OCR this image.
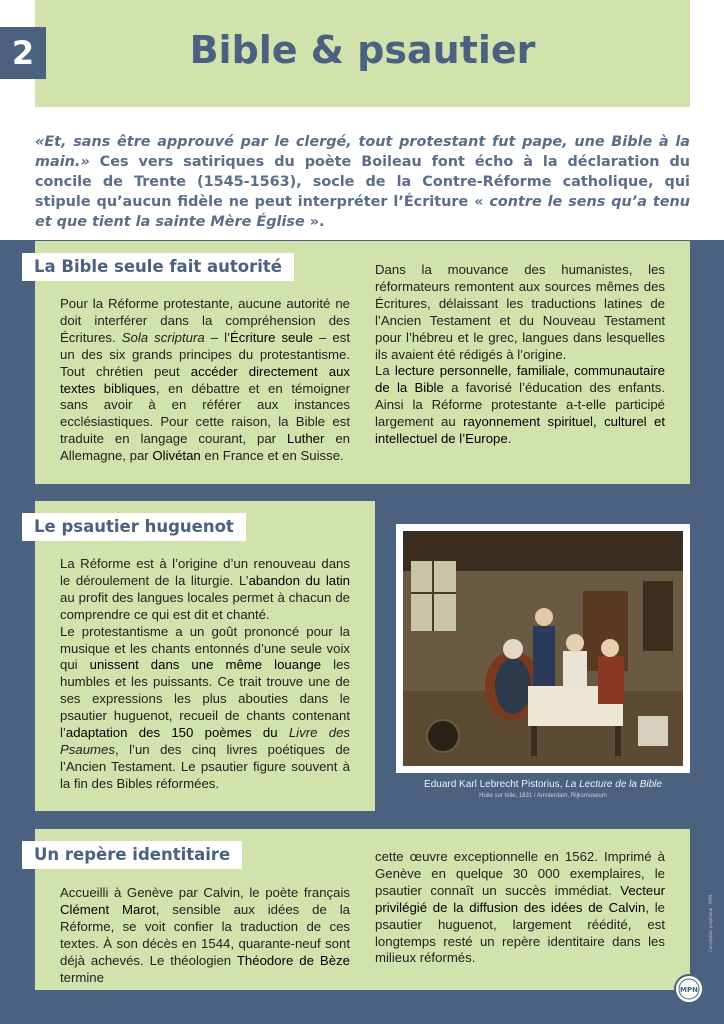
2	Bible & psautier

«Et, sans être approuvé par le clergé, tout protestant fut pape, une Bible à la main.» Ces vers satiriques du poète Boileau font écho à la déclaration du concile de Trente (1545-1563), socle de la Contre-Réforme catholique, qui stipule qu’aucun fidèle ne peut interpréter l’Écriture « contre le sens qu’a tenu et que tient la sainte Mère Église ».

La Bible seule fait autorité

Pour la Réforme protestante, aucune autorité ne doit interférer dans la compréhension des Écritures. Sola scriptura – l’Écriture seule – est un des six grands principes du protestantisme. Tout chrétien peut accéder directement aux textes bibliques, en débattre et en témoigner sans avoir à en référer aux instances ecclésiastiques. Pour cette raison, la Bible est traduite en langage courant, par Luther en Allemagne, par Olivétan en France et en Suisse.

Dans la mouvance des humanistes, les réformateurs remontent aux sources mêmes des Écritures, délaissant les traductions latines de l’Ancien Testament et du Nouveau Testament pour l’hébreu et le grec, langues dans lesquelles ils avaient été rédigés à l’origine.

La lecture personnelle, familiale, communautaire de la Bible a favorisé l’éducation des enfants. Ainsi la Réforme protestante a-t-elle participé largement au rayonnement spirituel, culturel et intellectuel de l’Europe.

Le psautier huguenot

La Réforme est à l’origine d’un renouveau dans le déroulement de la liturgie. L’abandon du latin au profit des langues locales permet à chacun de comprendre ce qui est dit et chanté.

Le protestantisme a un goût prononcé pour la musique et les chants entonnés d’une seule voix qui unissent dans une même louange les humbles et les puissants. Ce trait trouve une de ses expressions les plus abouties dans le psautier huguenot, recueil de chants contenant l’adaptation des 150 poèmes du Livre des Psaumes, l’un des cinq livres poétiques de l’Ancien Testament. Le psautier figure souvent à la fin des Bibles réformées.	Eduard Karl Lebrecht Pistorius, La Lecture de la Bible

Huile sur toile, 1831 / Amsterdam, Rijksmuseum

Un repère identitaire

Accueilli à Genève par Calvin, le poète français Clément Marot, sensible aux idées de la Réforme, se voit confier la traduction de ces textes. À son décès en 1544, quarante-neuf sont déjà achevés. Le théologien Théodore de Bèze termine

cette œuvre exceptionnelle en 1562. Imprimé à Genève en quelque 30 000 exemplaires, le psautier connaît un succès immédiat. Vecteur privilégié de la diffusion des idées de Calvin, le psautier huguenot, largement réédité, est longtemps resté un repère identitaire dans les milieux réformés.

Conception graphique : MPN
MPN
